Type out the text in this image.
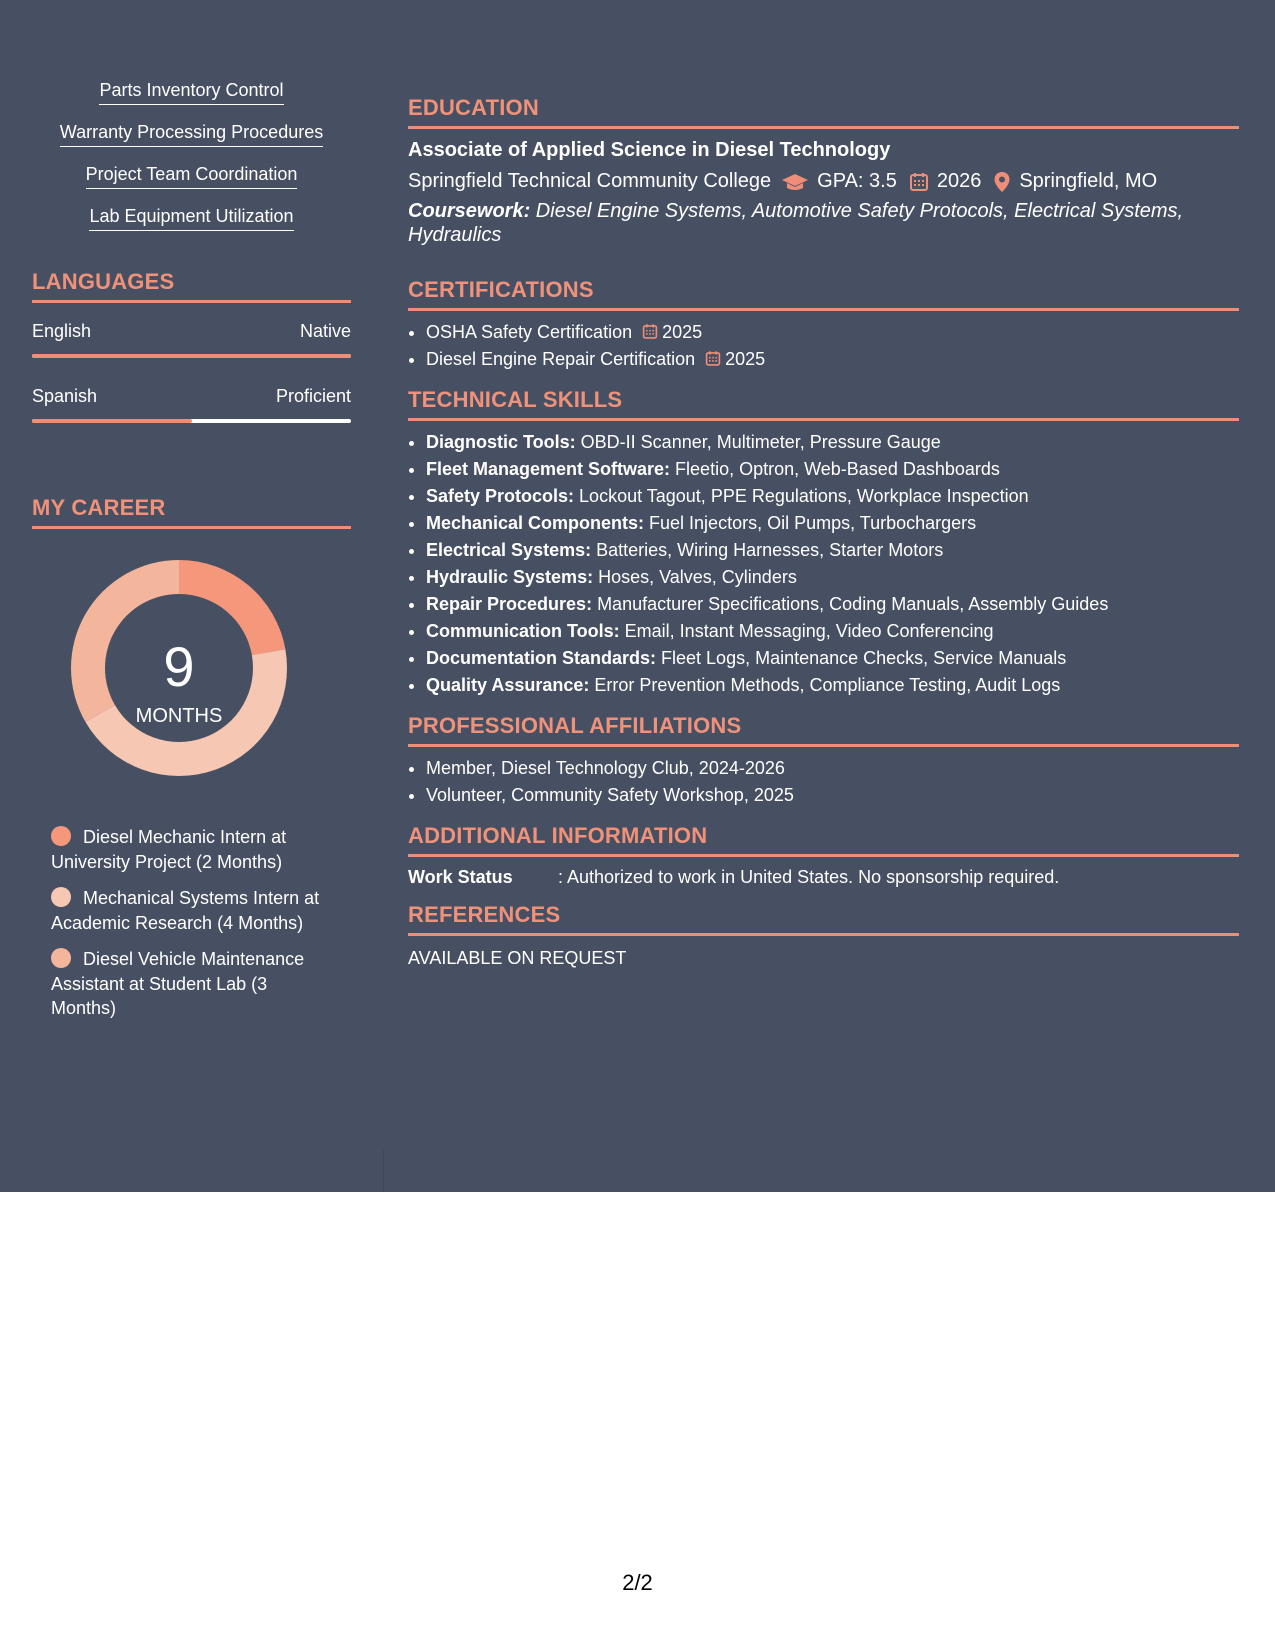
Parts Inventory Control
Warranty Processing Procedures
Project Team Coordination
Lab Equipment Utilization
LANGUAGES
English	Native
Spanish	Proficient
MY CAREER
9
MONTHS
Diesel Mechanic Intern at University Project (2 Months)
Mechanical Systems Intern at Academic Research (4 Months)
Diesel Vehicle Maintenance Assistant at Student Lab (3 Months)
EDUCATION
Associate of Applied Science in Diesel Technology
Springfield Technical Community College GPA: 3.5 2026 Springfield, MO
Coursework: Diesel Engine Systems, Automotive Safety Protocols, Electrical Systems, Hydraulics
CERTIFICATIONS
• OSHA Safety Certification 2025
• Diesel Engine Repair Certification 2025
TECHNICAL SKILLS
• Diagnostic Tools: OBD-II Scanner, Multimeter, Pressure Gauge
• Fleet Management Software: Fleetio, Optron, Web-Based Dashboards
• Safety Protocols: Lockout Tagout, PPE Regulations, Workplace Inspection
• Mechanical Components: Fuel Injectors, Oil Pumps, Turbochargers
• Electrical Systems: Batteries, Wiring Harnesses, Starter Motors
• Hydraulic Systems: Hoses, Valves, Cylinders
• Repair Procedures: Manufacturer Specifications, Coding Manuals, Assembly Guides
• Communication Tools: Email, Instant Messaging, Video Conferencing
• Documentation Standards: Fleet Logs, Maintenance Checks, Service Manuals
• Quality Assurance: Error Prevention Methods, Compliance Testing, Audit Logs
PROFESSIONAL AFFILIATIONS
• Member, Diesel Technology Club, 2024-2026
• Volunteer, Community Safety Workshop, 2025
ADDITIONAL INFORMATION
Work Status	: Authorized to work in United States. No sponsorship required.
REFERENCES
AVAILABLE ON REQUEST
2/2
